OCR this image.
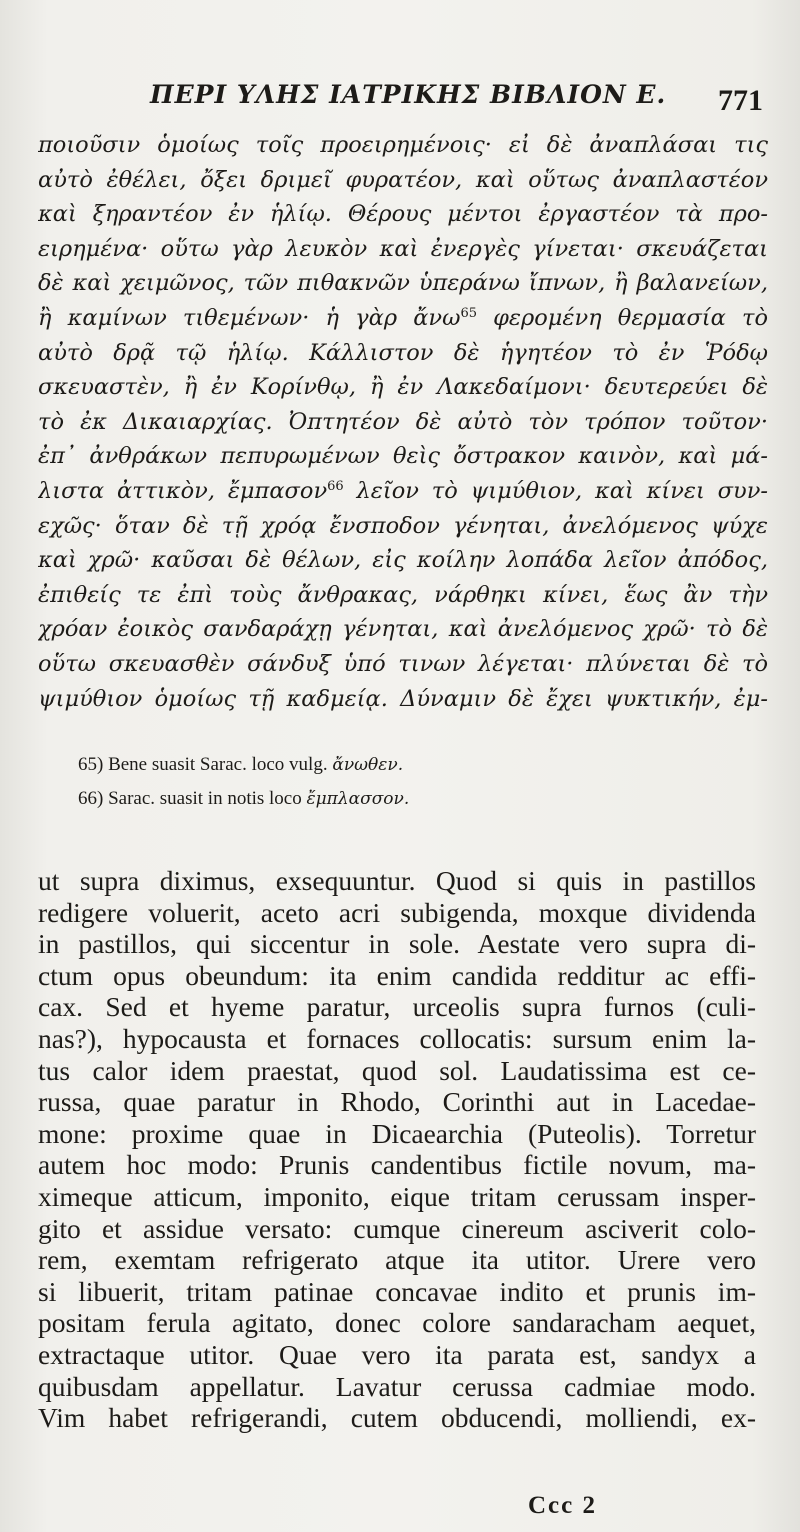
ΠΕΡΙ ΥΛΗΣ ΙΑΤΡΙΚΗΣ ΒΙΒΛΙΟΝ Ε. 771
ποιοῦσιν ὁμοίως τοῖς προειρημένοις· εἰ δὲ ἀναπλάσαι τις
αὐτὸ ἐθέλει, ὄξει δριμεῖ φυρατέον, καὶ οὕτως ἀναπλαστέον
καὶ ξηραντέον ἐν ἡλίῳ. Θέρους μέντοι ἐργαστέον τὰ προ-
ειρημένα· οὕτω γὰρ λευκὸν καὶ ἐνεργὲς γίνεται· σκευάζεται
δὲ καὶ χειμῶνος, τῶν πιθακνῶν ὑπεράνω ἴπνων, ἢ βαλανείων,
ἢ καμίνων τιθεμένων· ἡ γὰρ ἄνω$^{65}$ φερομένη θερμασία τὸ
αὐτὸ δρᾷ τῷ ἡλίῳ. Κάλλιστον δὲ ἡγητέον τὸ ἐν Ῥόδῳ
σκευαστὲν, ἢ ἐν Κορίνθῳ, ἢ ἐν Λακεδαίμονι· δευτερεύει δὲ
τὸ ἐκ Δικαιαρχίας. Ὀπτητέον δὲ αὐτὸ τὸν τρόπον τοῦτον·
ἐπ᾽ ἀνθράκων πεπυρωμένων θεὶς ὄστρακον καινὸν, καὶ μά-
λιστα ἀττικὸν, ἔμπασον$^{66}$ λεῖον τὸ ψιμύθιον, καὶ κίνει συν-
εχῶς· ὅταν δὲ τῇ χρόᾳ ἔνσποδον γένηται, ἀνελόμενος ψύχε
καὶ χρῶ· καῦσαι δὲ θέλων, εἰς κοίλην λοπάδα λεῖον ἀπόδος,
ἐπιθείς τε ἐπὶ τοὺς ἄνθρακας, νάρθηκι κίνει, ἕως ἂν τὴν
χρόαν ἐοικὸς σανδαράχῃ γένηται, καὶ ἀνελόμενος χρῶ· τὸ δὲ
οὕτω σκευασθὲν σάνδυξ ὑπό τινων λέγεται· πλύνεται δὲ τὸ
ψιμύθιον ὁμοίως τῇ καδμείᾳ. Δύναμιν δὲ ἔχει ψυκτικήν, ἐμ-
65) Bene suasit Sarac. loco vulg. ἄνωθεν.
66) Sarac. suasit in notis loco ἔμπλασσον.
ut supra diximus, exsequuntur. Quod si quis in pastillos
redigere voluerit, aceto acri subigenda, moxque dividenda
in pastillos, qui siccentur in sole. Aestate vero supra di-
ctum opus obeundum: ita enim candida redditur ac effi-
cax. Sed et hyeme paratur, urceolis supra furnos (culi-
nas?), hypocausta et fornaces collocatis: sursum enim la-
tus calor idem praestat, quod sol. Laudatissima est ce-
russa, quae paratur in Rhodo, Corinthi aut in Lacedae-
mone: proxime quae in Dicaearchia (Puteolis). Torretur
autem hoc modo: Prunis candentibus fictile novum, ma-
ximeque atticum, imponito, eique tritam cerussam insper-
gito et assidue versato: cumque cinereum asciverit colo-
rem, exemtam refrigerato atque ita utitor. Urere vero
si libuerit, tritam patinae concavae indito et prunis im-
positam ferula agitato, donec colore sandaracham aequet,
extractaque utitor. Quae vero ita parata est, sandyx a
quibusdam appellatur. Lavatur cerussa cadmiae modo.
Vim habet refrigerandi, cutem obducendi, molliendi, ex-
Ccc 2
